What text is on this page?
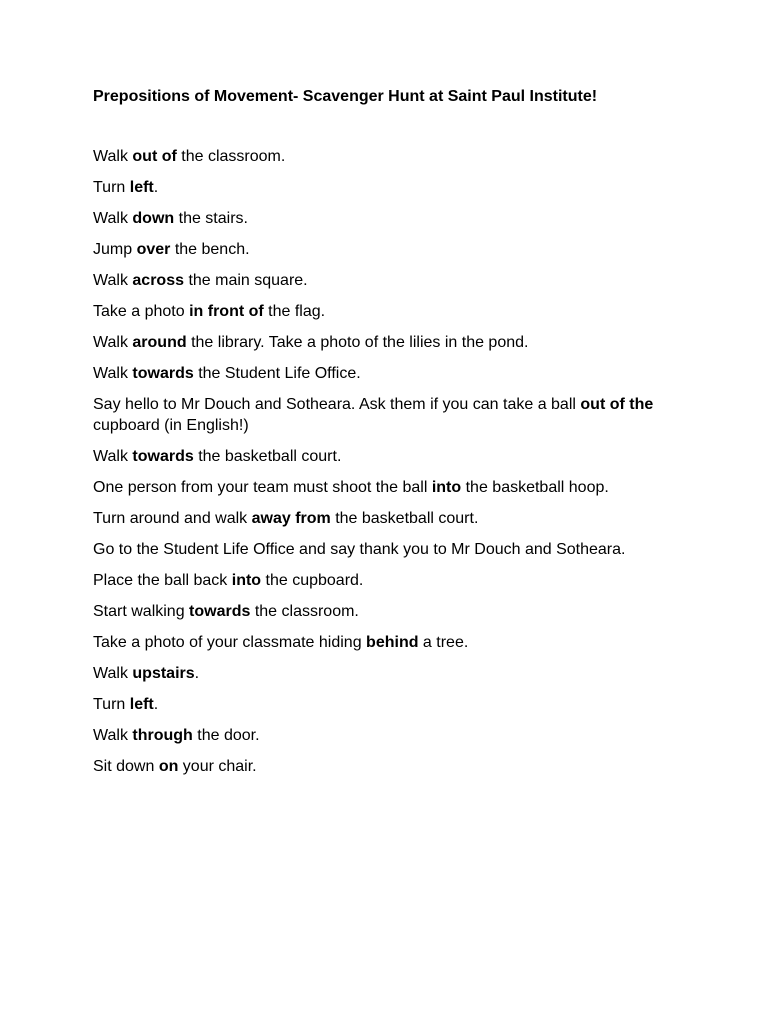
Prepositions of Movement- Scavenger Hunt at Saint Paul Institute!
Walk out of the classroom.
Turn left.
Walk down the stairs.
Jump over the bench.
Walk across the main square.
Take a photo in front of the flag.
Walk around the library. Take a photo of the lilies in the pond.
Walk towards the Student Life Office.
Say hello to Mr Douch and Sotheara. Ask them if you can take a ball out of the cupboard (in English!)
Walk towards the basketball court.
One person from your team must shoot the ball into the basketball hoop.
Turn around and walk away from the basketball court.
Go to the Student Life Office and say thank you to Mr Douch and Sotheara.
Place the ball back into the cupboard.
Start walking towards the classroom.
Take a photo of your classmate hiding behind a tree.
Walk upstairs.
Turn left.
Walk through the door.
Sit down on your chair.
